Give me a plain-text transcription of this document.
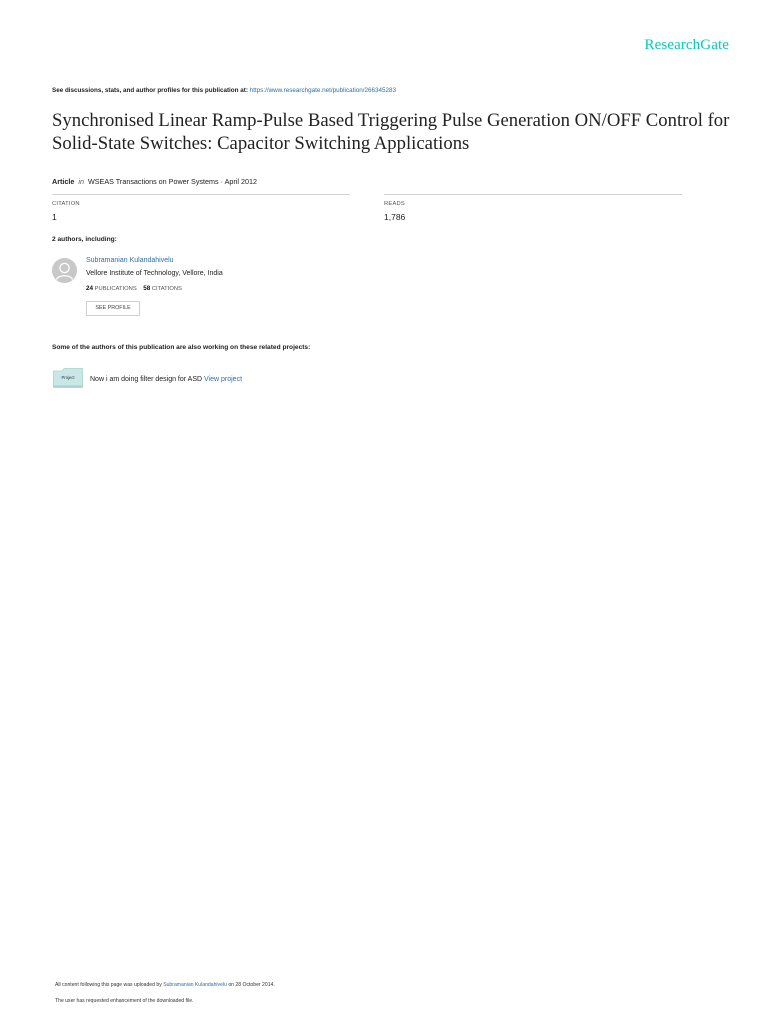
ResearchGate
See discussions, stats, and author profiles for this publication at: https://www.researchgate.net/publication/266345283
Synchronised Linear Ramp-Pulse Based Triggering Pulse Generation ON/OFF Control for Solid-State Switches: Capacitor Switching Applications
Article in WSEAS Transactions on Power Systems · April 2012
CITATION
1
READS
1,786
2 authors, including:
Subramanian Kulandahivelu
Vellore Institute of Technology, Vellore, India
24 PUBLICATIONS 58 CITATIONS
SEE PROFILE
Some of the authors of this publication are also working on these related projects:
Project	Now i am doing filter design for ASD View project
All content following this page was uploaded by Subramanian Kulandahivelu on 28 October 2014.
The user has requested enhancement of the downloaded file.
